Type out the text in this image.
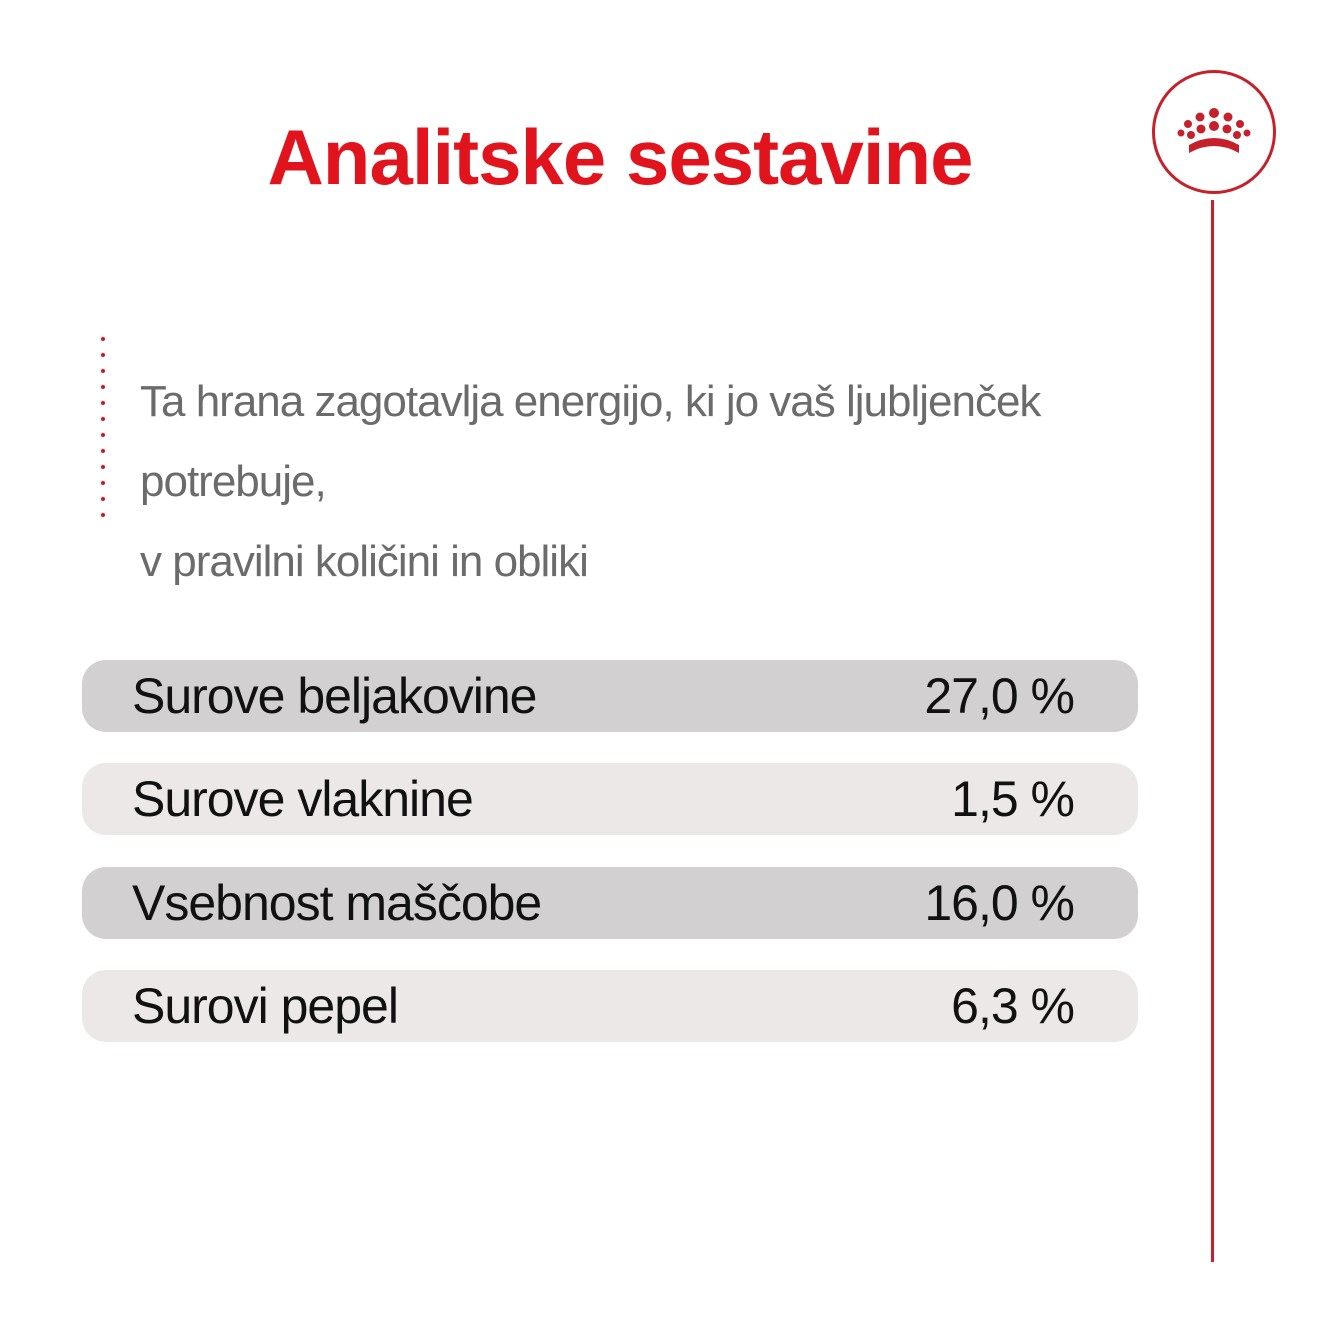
Analitske sestavine
Ta hrana zagotavlja energijo, ki jo vaš ljubljenček potrebuje,
v pravilni količini in obliki
Surove beljakovine	27,0 %
Surove vlaknine	1,5 %
Vsebnost maščobe	16,0 %
Surovi pepel	6,3 %
